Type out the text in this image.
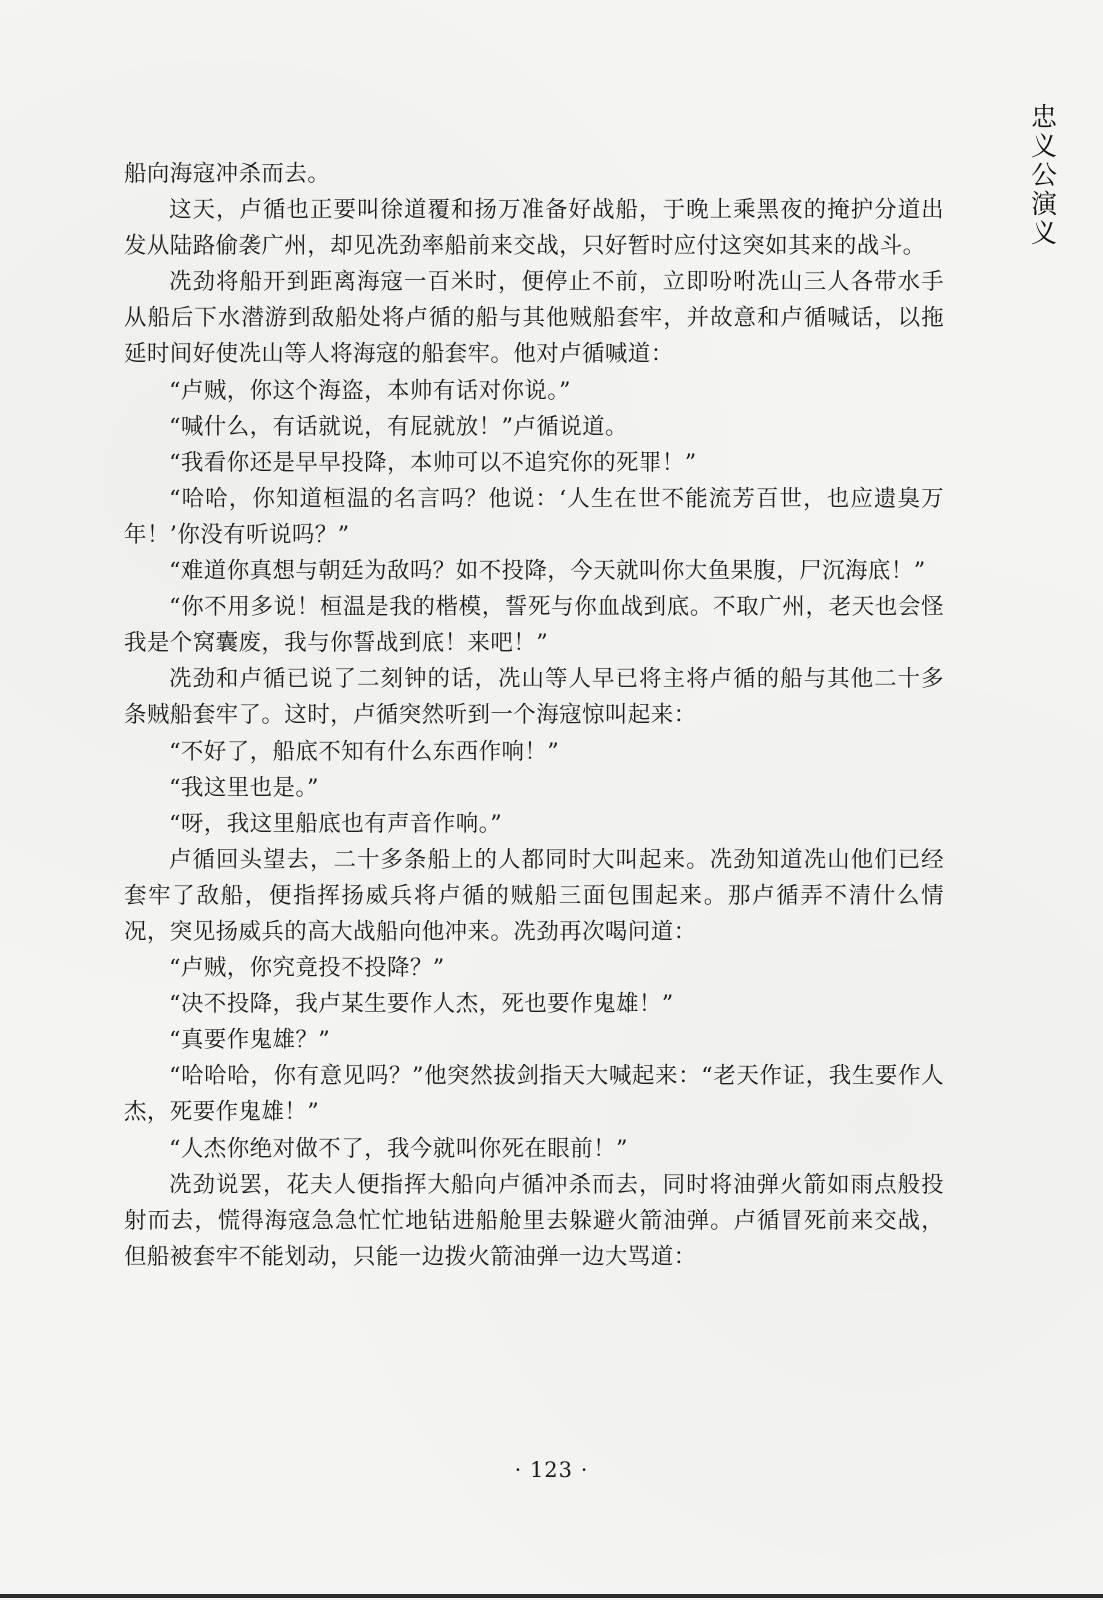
忠
义
公
演
义

船向海寇冲杀而去。

这天，卢循也正要叫徐道覆和扬万准备好战船，于晚上乘黑夜的掩护分道出发从陆路偷袭广州，却见冼劲率船前来交战，只好暂时应付这突如其来的战斗。

冼劲将船开到距离海寇一百米时，便停止不前，立即吩咐冼山三人各带水手从船后下水潜游到敌船处将卢循的船与其他贼船套牢，并故意和卢循喊话，以拖延时间好使冼山等人将海寇的船套牢。他对卢循喊道：

“卢贼，你这个海盗，本帅有话对你说。”

“喊什么，有话就说，有屁就放！”卢循说道。

“我看你还是早早投降，本帅可以不追究你的死罪！”

“哈哈，你知道桓温的名言吗？他说：‘人生在世不能流芳百世，也应遗臭万年！’你没有听说吗？”

“难道你真想与朝廷为敌吗？如不投降，今天就叫你大鱼果腹，尸沉海底！”

“你不用多说！桓温是我的楷模，誓死与你血战到底。不取广州，老天也会怪我是个窝囊废，我与你誓战到底！来吧！”

冼劲和卢循已说了二刻钟的话，冼山等人早已将主将卢循的船与其他二十多条贼船套牢了。这时，卢循突然听到一个海寇惊叫起来：

“不好了，船底不知有什么东西作响！”

“我这里也是。”

“呀，我这里船底也有声音作响。”

卢循回头望去，二十多条船上的人都同时大叫起来。冼劲知道冼山他们已经套牢了敌船，便指挥扬威兵将卢循的贼船三面包围起来。那卢循弄不清什么情况，突见扬威兵的高大战船向他冲来。冼劲再次喝问道：

“卢贼，你究竟投不投降？”

“决不投降，我卢某生要作人杰，死也要作鬼雄！”

“真要作鬼雄？”

“哈哈哈，你有意见吗？”他突然拔剑指天大喊起来：“老天作证，我生要作人杰，死要作鬼雄！”

“人杰你绝对做不了，我今就叫你死在眼前！”

冼劲说罢，花夫人便指挥大船向卢循冲杀而去，同时将油弹火箭如雨点般投射而去，慌得海寇急急忙忙地钻进船舱里去躲避火箭油弹。卢循冒死前来交战，但船被套牢不能划动，只能一边拨火箭油弹一边大骂道：

· 123 ·
